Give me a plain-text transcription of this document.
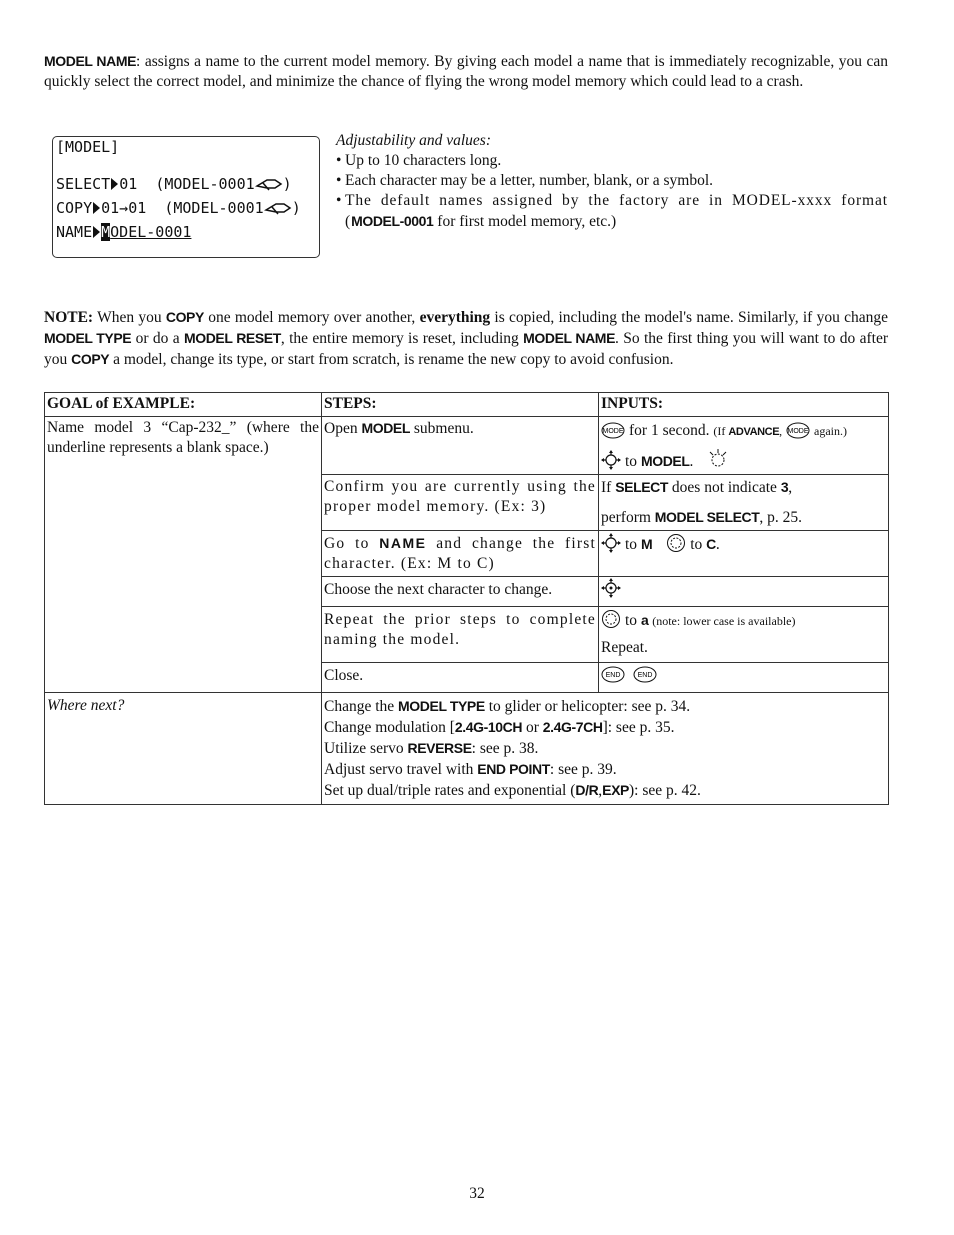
MODEL NAME: assigns a name to the current model memory. By giving each model a name that is immediately recognizable, you can quickly select the correct model, and minimize the chance of flying the wrong model memory which could lead to a crash.

[MODEL]
SELECT 01 (MODEL-0001 )
COPY 01→01 (MODEL-0001 )
NAME MODEL-0001

Adjustability and values:

• Up to 10 characters long.
• Each character may be a letter, number, blank, or a symbol.
• The default names assigned by the factory are in MODEL-xxxx format (MODEL-0001 for first model memory, etc.)

NOTE: When you COPY one model memory over another, everything is copied, including the model's name. Similarly, if you change MODEL TYPE or do a MODEL RESET, the entire memory is reset, including MODEL NAME. So the first thing you will want to do after you COPY a model, change its type, or start from scratch, is rename the new copy to avoid confusion.

GOAL of EXAMPLE:	STEPS:	INPUTS:
Name model 3 “Cap-232_” (where the underline represents a blank space.)	Open MODEL submenu.	MODE for 1 second. (If ADVANCE, MODE again.)
to MODEL.

	Confirm you are currently using the proper model memory. (Ex: 3)	If SELECT does not indicate 3,
perform MODEL SELECT, p. 25.

	Go to NAME and change the first character. (Ex: M to C)	to M to C.
	Choose the next character to change.	
	Repeat the prior steps to complete naming the model.	to a (note: lower case is available)
Repeat.

	Close.	END
END

Where next?	Change the MODEL TYPE to glider or helicopter: see p. 34.
Change modulation [2.4G-10CH or 2.4G-7CH]: see p. 35.
Utilize servo REVERSE: see p. 38.
Adjust servo travel with END POINT: see p. 39.
Set up dual/triple rates and exponential (D/R,EXP): see p. 42.	
32
